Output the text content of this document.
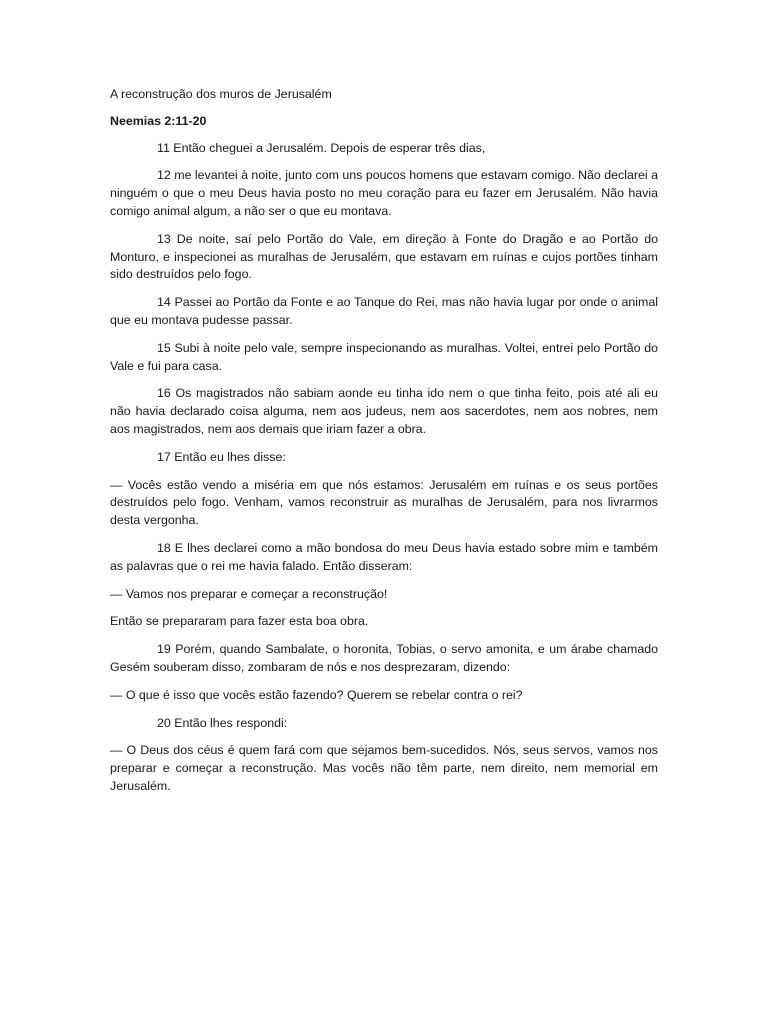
A reconstrução dos muros de Jerusalém

Neemias 2:11-20

11 Então cheguei a Jerusalém. Depois de esperar três dias,

12 me levantei à noite, junto com uns poucos homens que estavam comigo. Não declarei a ninguém o que o meu Deus havia posto no meu coração para eu fazer em Jerusalém. Não havia comigo animal algum, a não ser o que eu montava.

13 De noite, saí pelo Portão do Vale, em direção à Fonte do Dragão e ao Portão do Monturo, e inspecionei as muralhas de Jerusalém, que estavam em ruínas e cujos portões tinham sido destruídos pelo fogo.

14 Passei ao Portão da Fonte e ao Tanque do Rei, mas não havia lugar por onde o animal que eu montava pudesse passar.

15 Subi à noite pelo vale, sempre inspecionando as muralhas. Voltei, entrei pelo Portão do Vale e fui para casa.

16 Os magistrados não sabiam aonde eu tinha ido nem o que tinha feito, pois até ali eu não havia declarado coisa alguma, nem aos judeus, nem aos sacerdotes, nem aos nobres, nem aos magistrados, nem aos demais que iriam fazer a obra.

17 Então eu lhes disse:

— Vocês estão vendo a miséria em que nós estamos: Jerusalém em ruínas e os seus portões destruídos pelo fogo. Venham, vamos reconstruir as muralhas de Jerusalém, para nos livrarmos desta vergonha.

18 E lhes declarei como a mão bondosa do meu Deus havia estado sobre mim e também as palavras que o rei me havia falado. Então disseram:

— Vamos nos preparar e começar a reconstrução!

Então se prepararam para fazer esta boa obra.

19 Porém, quando Sambalate, o horonita, Tobias, o servo amonita, e um árabe chamado Gesém souberam disso, zombaram de nós e nos desprezaram, dizendo:

— O que é isso que vocês estão fazendo? Querem se rebelar contra o rei?

20 Então lhes respondi:

— O Deus dos céus é quem fará com que sejamos bem-sucedidos. Nós, seus servos, vamos nos preparar e começar a reconstrução. Mas vocês não têm parte, nem direito, nem memorial em Jerusalém.
